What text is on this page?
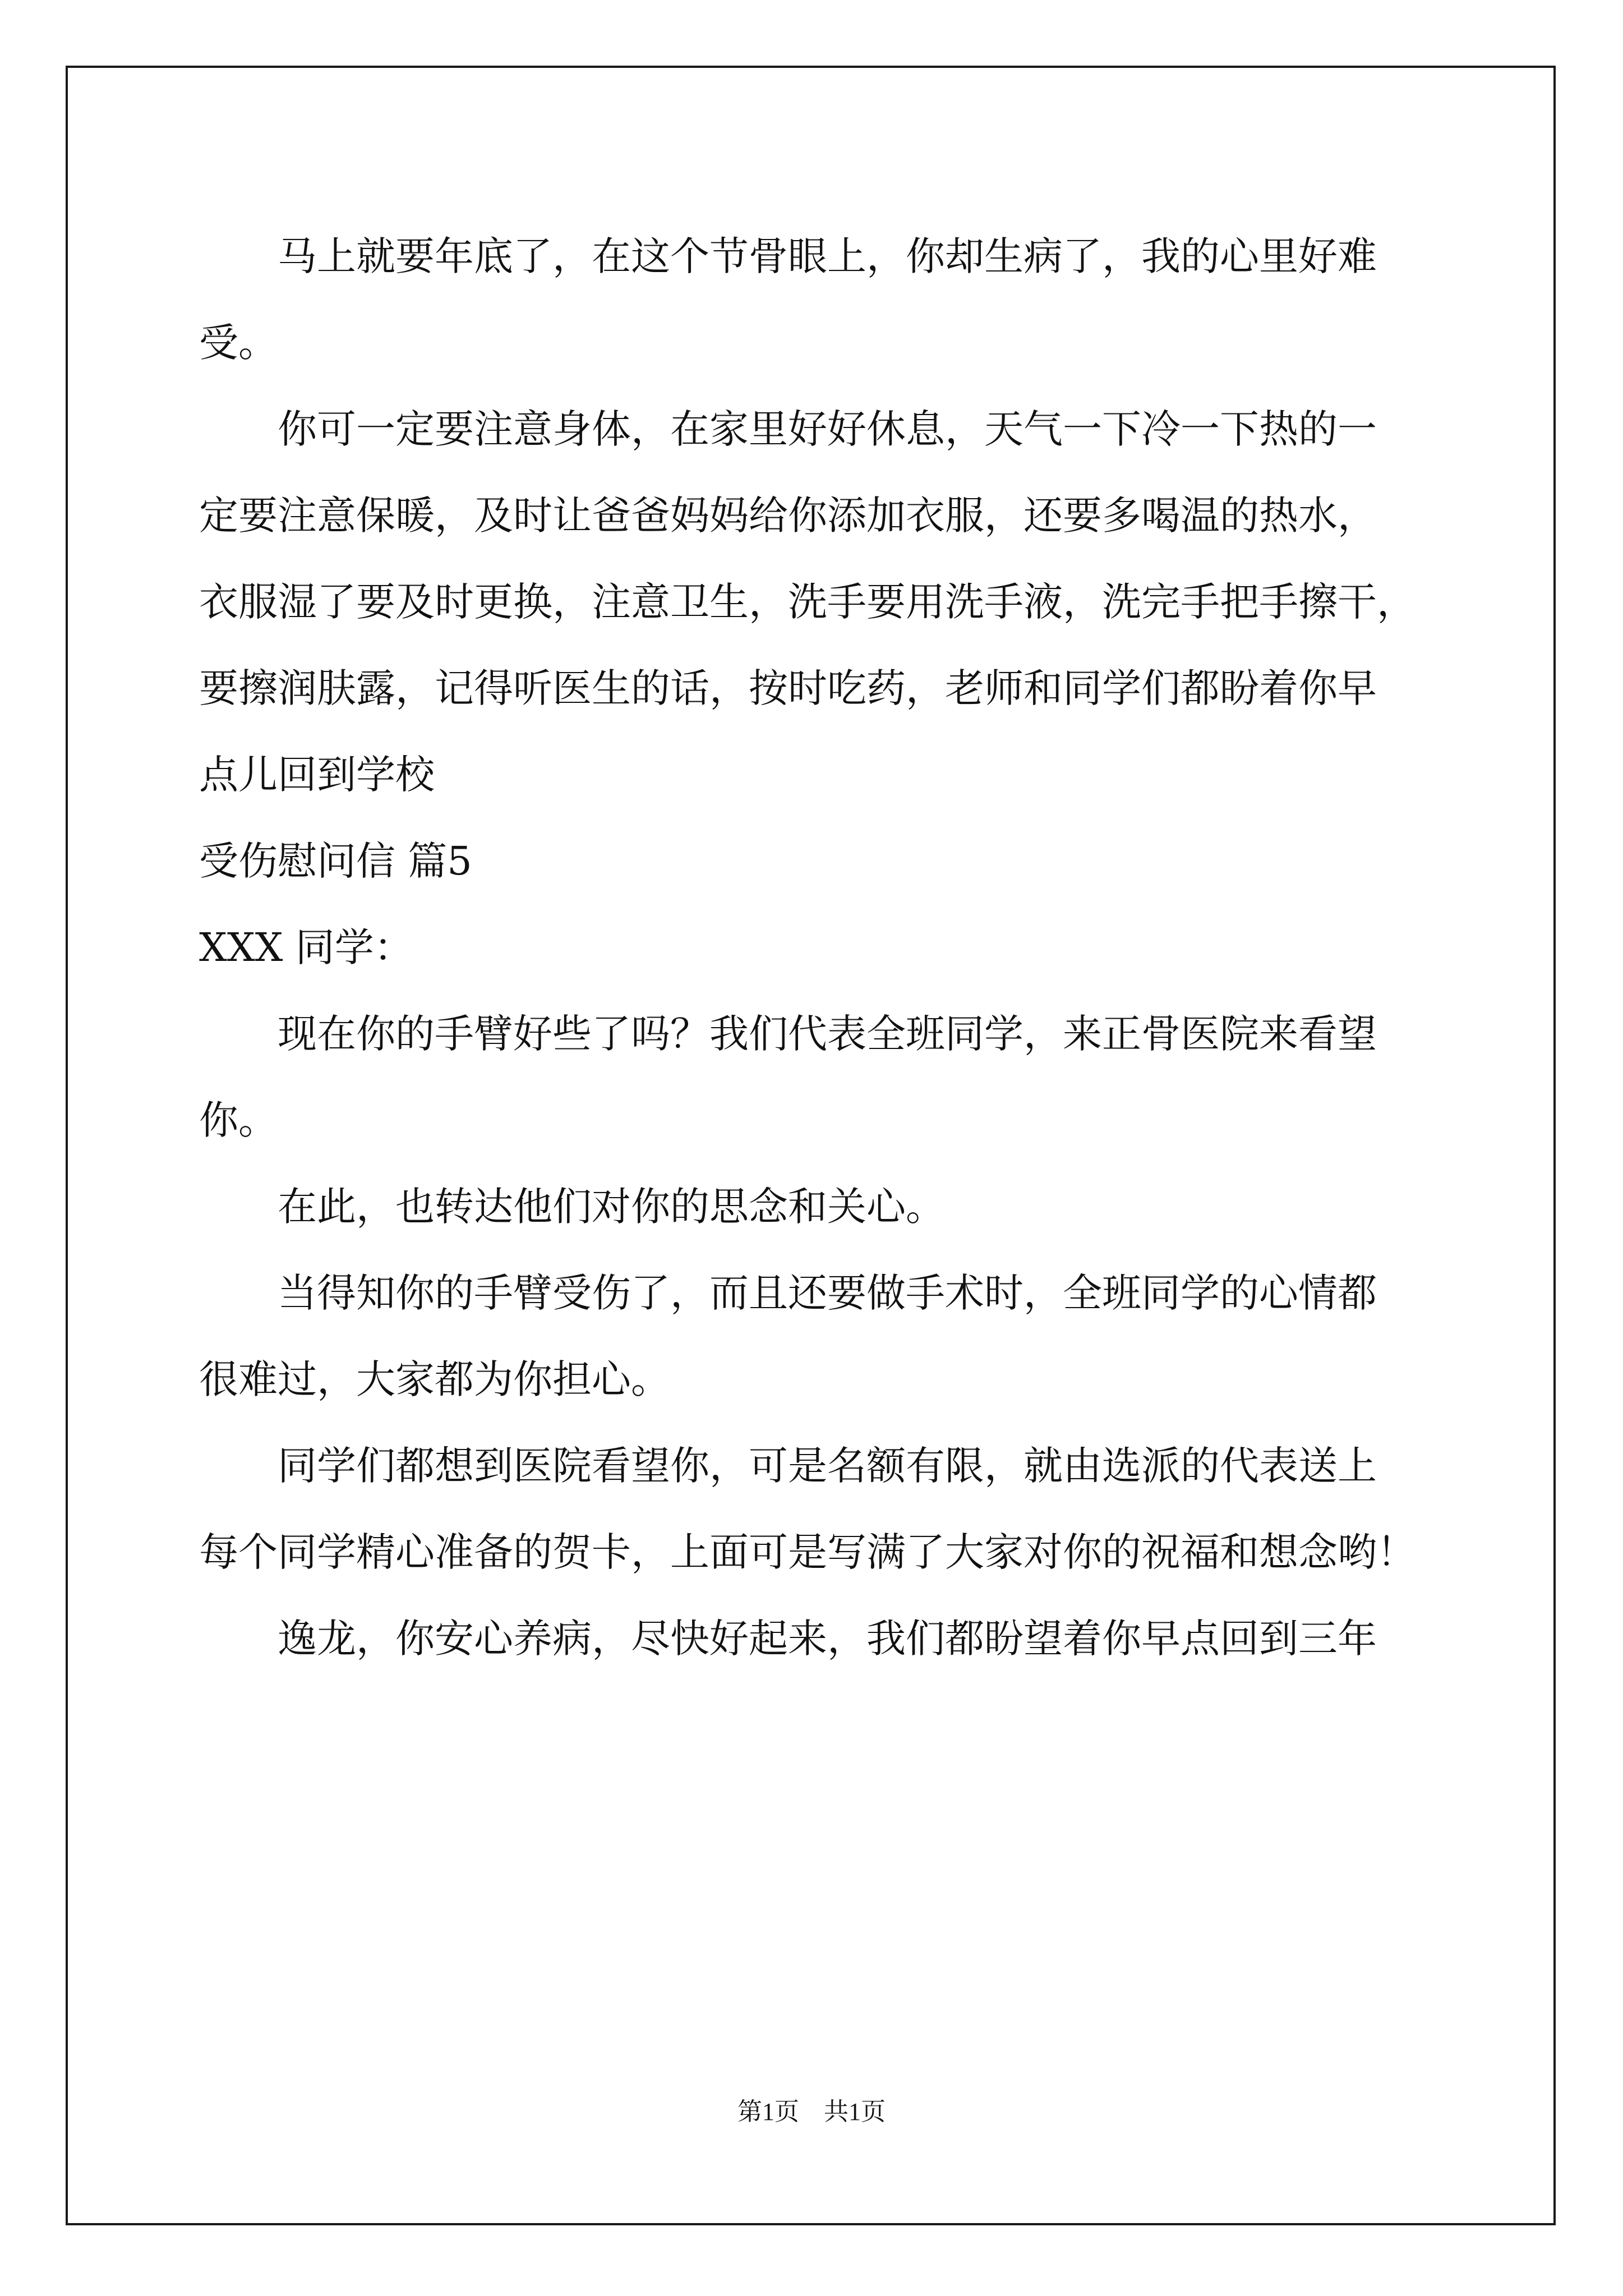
马上就要年底了，在这个节骨眼上，你却生病了，我的心里好难
受。
你可一定要注意身体，在家里好好休息，天气一下冷一下热的一
定要注意保暖，及时让爸爸妈妈给你添加衣服，还要多喝温的热水，
衣服湿了要及时更换，注意卫生，洗手要用洗手液，洗完手把手擦干，
要擦润肤露，记得听医生的话，按时吃药，老师和同学们都盼着你早
点儿回到学校
受伤慰问信 篇5
XXX 同学：
现在你的手臂好些了吗？我们代表全班同学，来正骨医院来看望
你。
在此，也转达他们对你的思念和关心。
当得知你的手臂受伤了，而且还要做手术时，全班同学的心情都
很难过，大家都为你担心。
同学们都想到医院看望你，可是名额有限，就由选派的代表送上
每个同学精心准备的贺卡，上面可是写满了大家对你的祝福和想念哟！
逸龙，你安心养病，尽快好起来，我们都盼望着你早点回到三年
第1页　共1页
